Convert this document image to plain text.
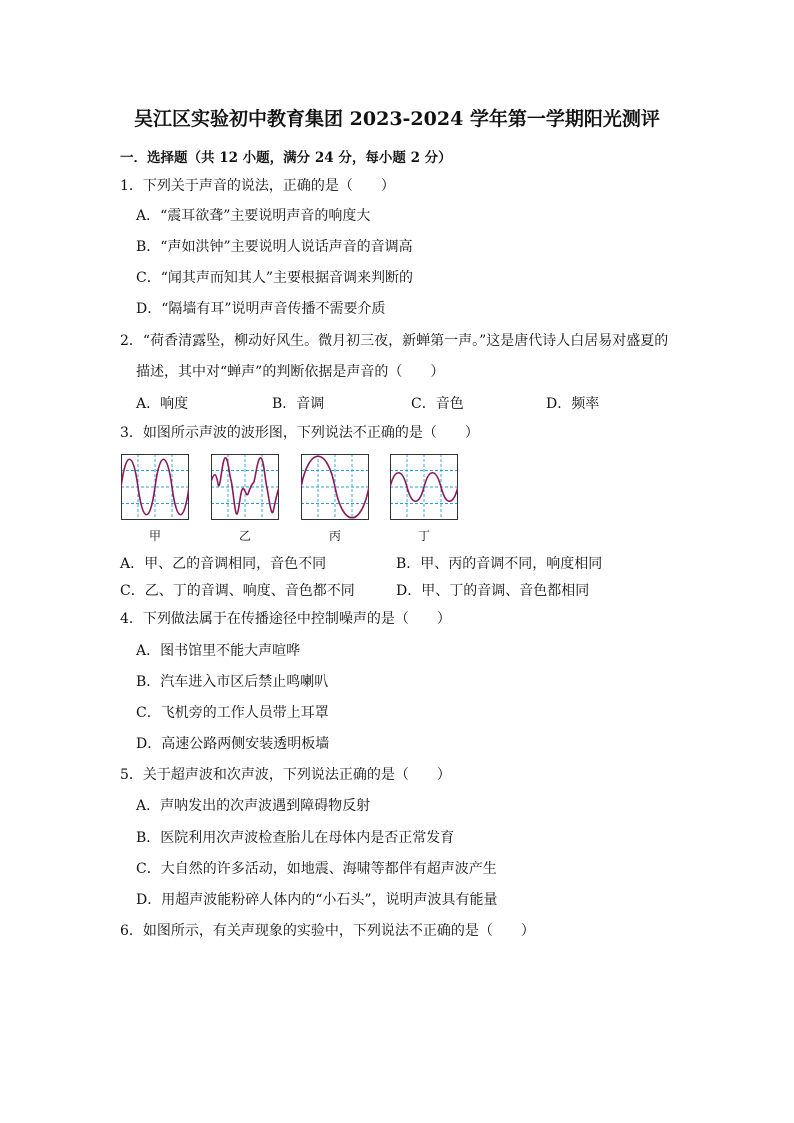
吴江区实验初中教育集团 2023-2024 学年第一学期阳光测评
一．选择题（共 12 小题，满分 24 分，每小题 2 分）
1．下列关于声音的说法，正确的是（　　）
A．“震耳欲聋”主要说明声音的响度大
B．“声如洪钟”主要说明人说话声音的音调高
C．“闻其声而知其人”主要根据音调来判断的
D．“隔墙有耳”说明声音传播不需要介质
2．“荷香清露坠，柳动好风生。微月初三夜，新蝉第一声。”这是唐代诗人白居易对盛夏的
描述，其中对“蝉声”的判断依据是声音的（　　）
A．响度	B．音调	C．音色	D．频率
3．如图所示声波的波形图，下列说法不正确的是（　　）
甲	乙	丙	丁
A．甲、乙的音调相同，音色不同	B．甲、丙的音调不同，响度相同
C．乙、丁的音调、响度、音色都不同	D．甲、丁的音调、音色都相同
4．下列做法属于在传播途径中控制噪声的是（　　）
A．图书馆里不能大声喧哗
B．汽车进入市区后禁止鸣喇叭
C．飞机旁的工作人员带上耳罩
D．高速公路两侧安装透明板墙
5．关于超声波和次声波，下列说法正确的是（　　）
A．声呐发出的次声波遇到障碍物反射
B．医院利用次声波检查胎儿在母体内是否正常发育
C．大自然的许多活动，如地震、海啸等都伴有超声波产生
D．用超声波能粉碎人体内的“小石头”，说明声波具有能量
6．如图所示，有关声现象的实验中，下列说法不正确的是（　　）
